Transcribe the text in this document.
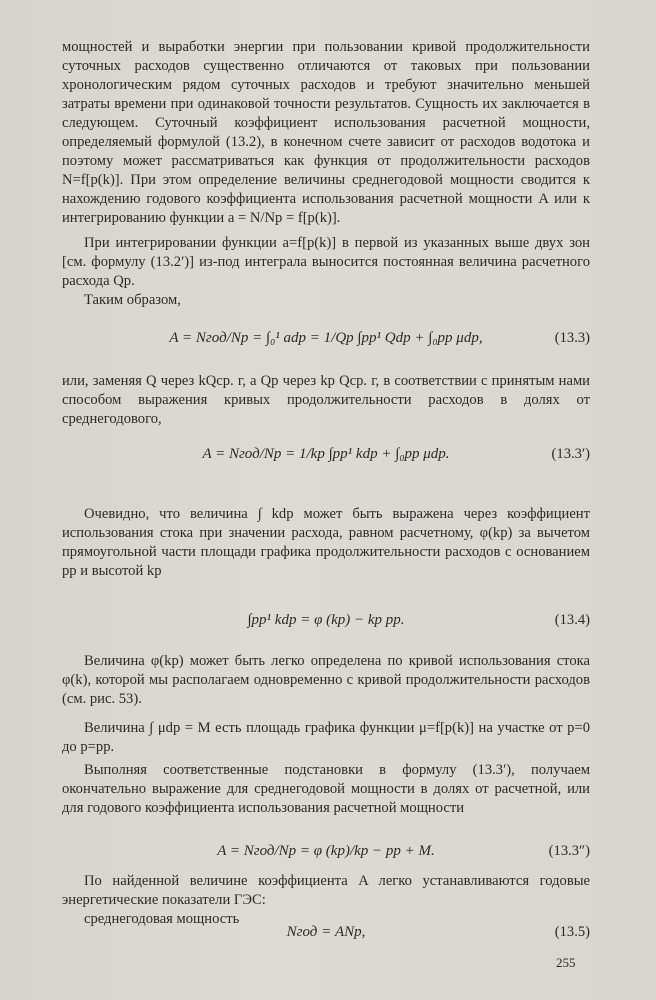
мощностей и выработки энергии при пользовании кривой продолжительности суточных расходов существенно отличаются от таковых при пользовании хронологическим рядом суточных расходов и требуют значительно меньшей затраты времени при одинаковой точности результатов. Сущность их заключается в следующем. Суточный коэффициент использования расчетной мощности, определяемый формулой (13.2), в конечном счете зависит от расходов водотока и поэтому может рассматриваться как функция от продолжительности расходов N=f[p(k)]. При этом определение величины среднегодовой мощности сводится к нахождению годового коэффициента использования расчетной мощности A или к интегрированию функции a = N/Nр = f[p(k)].

При интегрировании функции a=f[p(k)] в первой из указанных выше двух зон [см. формулу (13.2′)] из-под интеграла выносится постоянная величина расчетного расхода Qр.

Таким образом,

A = Nгод/Nр = ∫₀¹ adp = 1/Qр ∫pр¹ Qdp + ∫₀pр μdp,	(13.3)

или, заменяя Q через kQср. г, а Qр через kр Qср. г, в соответствии с принятым нами способом выражения кривых продолжительности расходов в долях от среднегодового,

A = Nгод/Nр = 1/kр ∫pр¹ kdp + ∫₀pр μdp.	(13.3′)

Очевидно, что величина ∫ kdp может быть выражена через коэффициент использования стока при значении расхода, равном расчетному, φ(kр) за вычетом прямоугольной части площади графика продолжительности расходов с основанием pр и высотой kр

∫pр¹ kdp = φ (kр) − kр pр.	(13.4)

Величина φ(kр) может быть легко определена по кривой использования стока φ(k), которой мы располагаем одновременно с кривой продолжительности расходов (см. рис. 53).

Величина ∫ μdp = M есть площадь графика функции μ=f[p(k)] на участке от p=0 до p=pр.

Выполняя соответственные подстановки в формулу (13.3′), получаем окончательно выражение для среднегодовой мощности в долях от расчетной, или для годового коэффициента использования расчетной мощности

A = Nгод/Nр = φ (kр)/kр − pр + M.	(13.3″)

По найденной величине коэффициента A легко устанавливаются годовые энергетические показатели ГЭС:

среднегодовая мощность

Nгод = ANр,	(13.5)
255
